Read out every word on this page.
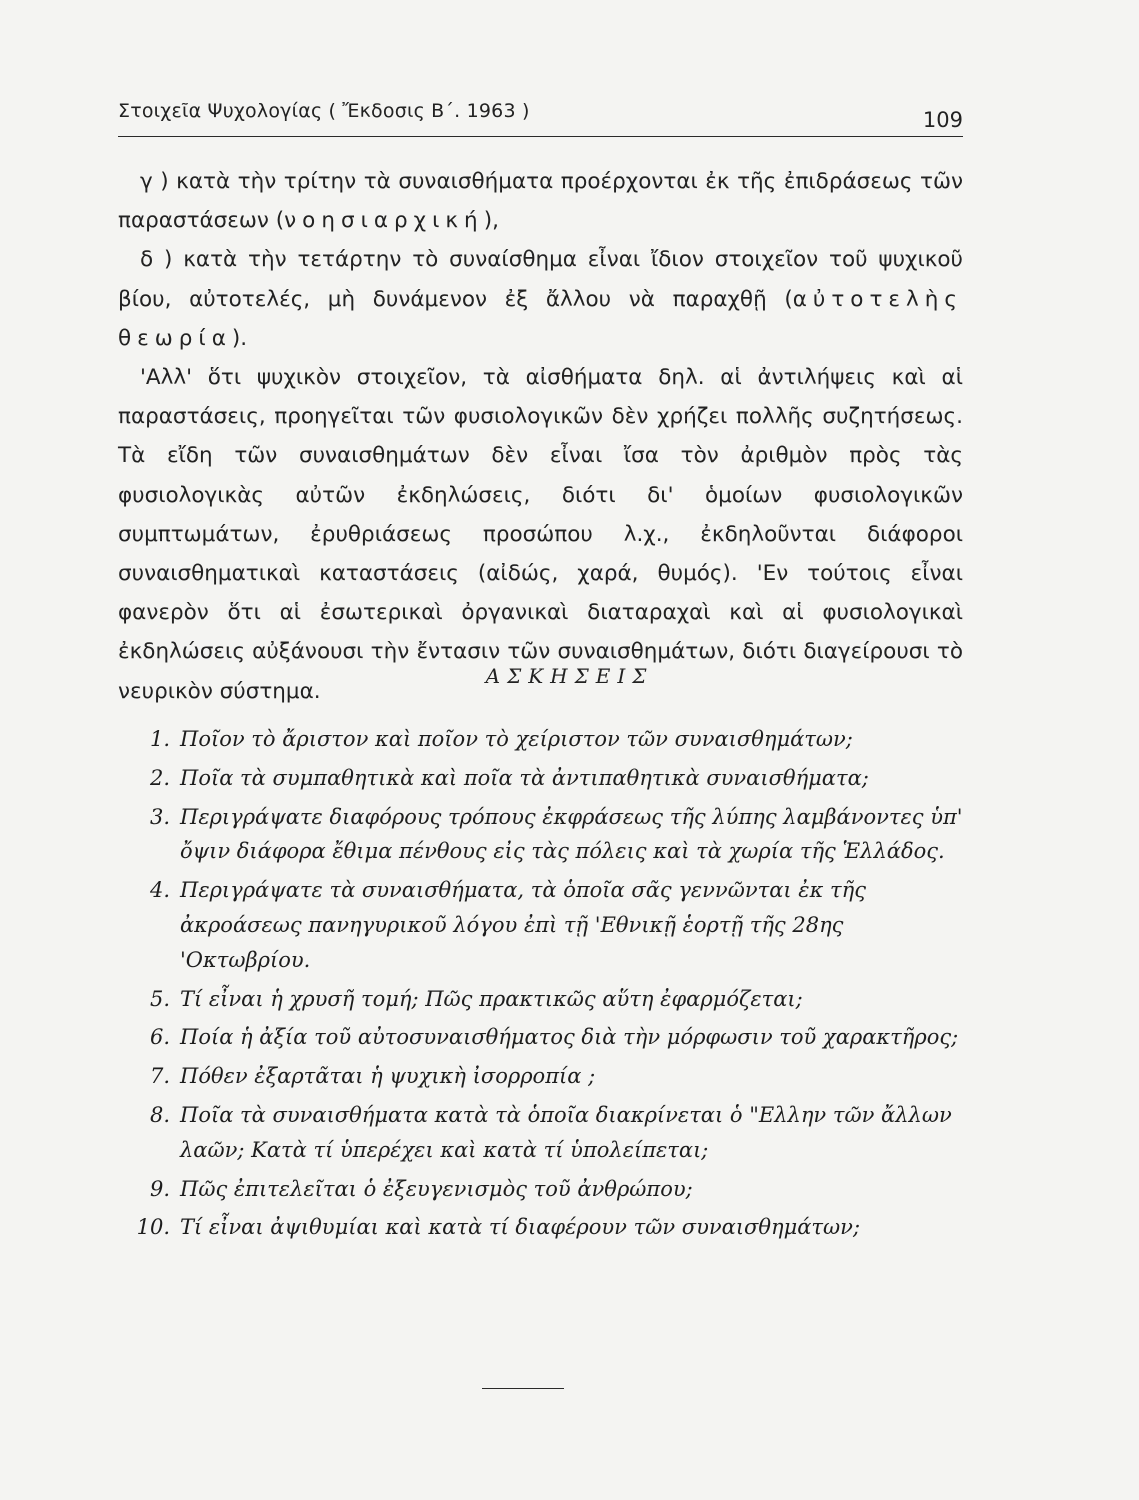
Στοιχεῖα Ψυχολογίας ( Ἔκδοσις Β΄. 1963 )	109

γ ) κατὰ τὴν τρίτην τὰ συναισθήματα προέρχονται ἐκ τῆς ἐπιδράσεως τῶν παραστάσεων (νοησιαρχική),

δ ) κατὰ τὴν τετάρτην τὸ συναίσθημα εἶναι ἴδιον στοιχεῖον τοῦ ψυχικοῦ βίου, αὐτοτελές, μὴ δυνάμενον ἐξ ἄλλου νὰ παραχθῇ (αὐτοτελὴς θεωρία).

'Αλλ' ὅτι ψυχικὸν στοιχεῖον, τὰ αἰσθήματα δηλ. αἱ ἀντιλήψεις καὶ αἱ παραστάσεις, προηγεῖται τῶν φυσιολογικῶν δὲν χρήζει πολλῆς συζητήσεως. Τὰ εἴδη τῶν συναισθημάτων δὲν εἶναι ἴσα τὸν ἀριθμὸν πρὸς τὰς φυσιολογικὰς αὐτῶν ἐκδηλώσεις, διότι δι' ὁμοίων φυσιολογικῶν συμπτωμάτων, ἐρυθριάσεως προσώπου λ.χ., ἐκδηλοῦνται διάφοροι συναισθηματικαὶ καταστάσεις (αἰδώς, χαρά, θυμός). 'Εν τούτοις εἶναι φανερὸν ὅτι αἱ ἐσωτερικαὶ ὀργανικαὶ διαταραχαὶ καὶ αἱ φυσιολογικαὶ ἐκδηλώσεις αὐξάνουσι τὴν ἔντασιν τῶν συναισθημάτων, διότι διαγείρουσι τὸ νευρικὸν σύστημα.

ΑΣΚΗΣΕΙΣ
1. Ποῖον τὸ ἄριστον καὶ ποῖον τὸ χείριστον τῶν συναισθημάτων;
2. Ποῖα τὰ συμπαθητικὰ καὶ ποῖα τὰ ἀντιπαθητικὰ συναισθήματα;
3. Περιγράψατε διαφόρους τρόπους ἐκφράσεως τῆς λύπης λαμβάνοντες ὑπ' ὄψιν διάφορα ἔθιμα πένθους εἰς τὰς πόλεις καὶ τὰ χωρία τῆς Ἑλλάδος.
4. Περιγράψατε τὰ συναισθήματα, τὰ ὁποῖα σᾶς γεννῶνται ἐκ τῆς ἀκροάσεως πανηγυρικοῦ λόγου ἐπὶ τῇ 'Εθνικῇ ἑορτῇ τῆς 28ης 'Οκτωβρίου.
5. Τί εἶναι ἡ χρυσῆ τομή; Πῶς πρακτικῶς αὕτη ἐφαρμόζεται;
6. Ποία ἡ ἀξία τοῦ αὐτοσυναισθήματος διὰ τὴν μόρφωσιν τοῦ χαρακτῆρος;
7. Πόθεν ἐξαρτᾶται ἡ ψυχικὴ ἰσορροπία ;
8. Ποῖα τὰ συναισθήματα κατὰ τὰ ὁποῖα διακρίνεται ὁ "Ελλην τῶν ἄλλων λαῶν; Κατὰ τί ὑπερέχει καὶ κατὰ τί ὑπολείπεται;
9. Πῶς ἐπιτελεῖται ὁ ἐξευγενισμὸς τοῦ ἀνθρώπου;
10. Τί εἶναι ἀψιθυμίαι καὶ κατὰ τί διαφέρουν τῶν συναισθημάτων;
